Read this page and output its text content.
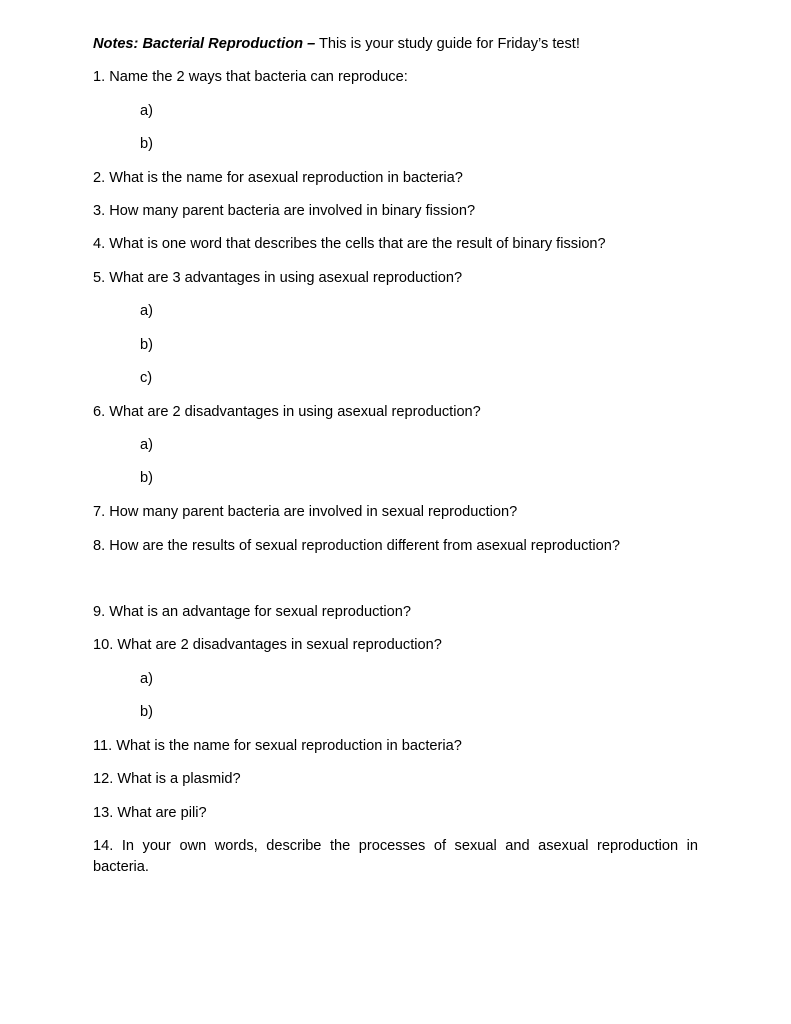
Notes: Bacterial Reproduction – This is your study guide for Friday’s test!
1. Name the 2 ways that bacteria can reproduce:
a)
b)
2. What is the name for asexual reproduction in bacteria?
3. How many parent bacteria are involved in binary fission?
4. What is one word that describes the cells that are the result of binary fission?
5. What are 3 advantages in using asexual reproduction?
a)
b)
c)
6. What are 2 disadvantages in using asexual reproduction?
a)
b)
7. How many parent bacteria are involved in sexual reproduction?
8. How are the results of sexual reproduction different from asexual reproduction?
9. What is an advantage for sexual reproduction?
10. What are 2 disadvantages in sexual reproduction?
a)
b)
11. What is the name for sexual reproduction in bacteria?
12. What is a plasmid?
13. What are pili?
14. In your own words, describe the processes of sexual and asexual reproduction in bacteria.
